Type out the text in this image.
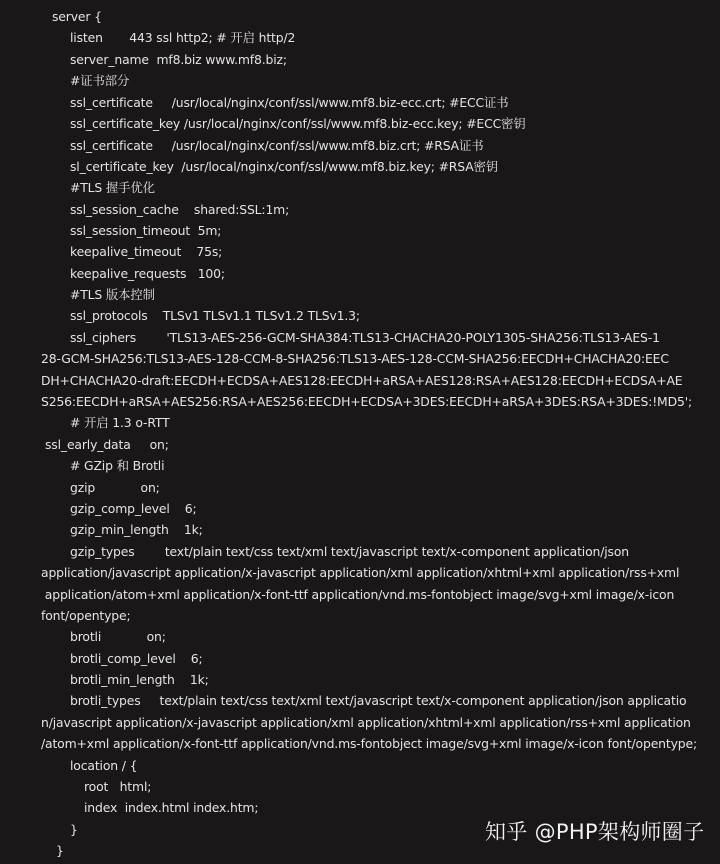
server {
listen       443 ssl http2; # 开启 http/2
server_name  mf8.biz www.mf8.biz;
#证书部分
ssl_certificate     /usr/local/nginx/conf/ssl/www.mf8.biz-ecc.crt; #ECC证书
ssl_certificate_key /usr/local/nginx/conf/ssl/www.mf8.biz-ecc.key; #ECC密钥
ssl_certificate     /usr/local/nginx/conf/ssl/www.mf8.biz.crt; #RSA证书
sl_certificate_key  /usr/local/nginx/conf/ssl/www.mf8.biz.key; #RSA密钥
#TLS 握手优化
ssl_session_cache    shared:SSL:1m;
ssl_session_timeout  5m;
keepalive_timeout    75s;
keepalive_requests   100;
#TLS 版本控制
ssl_protocols    TLSv1 TLSv1.1 TLSv1.2 TLSv1.3;
ssl_ciphers        'TLS13-AES-256-GCM-SHA384:TLS13-CHACHA20-POLY1305-SHA256:TLS13-AES-1
28-GCM-SHA256:TLS13-AES-128-CCM-8-SHA256:TLS13-AES-128-CCM-SHA256:EECDH+CHACHA20:EEC
DH+CHACHA20-draft:EECDH+ECDSA+AES128:EECDH+aRSA+AES128:RSA+AES128:EECDH+ECDSA+AE
S256:EECDH+aRSA+AES256:RSA+AES256:EECDH+ECDSA+3DES:EECDH+aRSA+3DES:RSA+3DES:!MD5';
# 开启 1.3 o-RTT
ssl_early_data     on;
# GZip 和 Brotli
gzip            on;
gzip_comp_level    6;
gzip_min_length    1k;
gzip_types        text/plain text/css text/xml text/javascript text/x-component application/json
application/javascript application/x-javascript application/xml application/xhtml+xml application/rss+xml
application/atom+xml application/x-font-ttf application/vnd.ms-fontobject image/svg+xml image/x-icon
font/opentype;
brotli            on;
brotli_comp_level    6;
brotli_min_length    1k;
brotli_types     text/plain text/css text/xml text/javascript text/x-component application/json applicatio
n/javascript application/x-javascript application/xml application/xhtml+xml application/rss+xml application
/atom+xml application/x-font-ttf application/vnd.ms-fontobject image/svg+xml image/x-icon font/opentype;
location / {
root   html;
index  index.html index.htm;
}
}
知乎 @PHP架构师圈子
